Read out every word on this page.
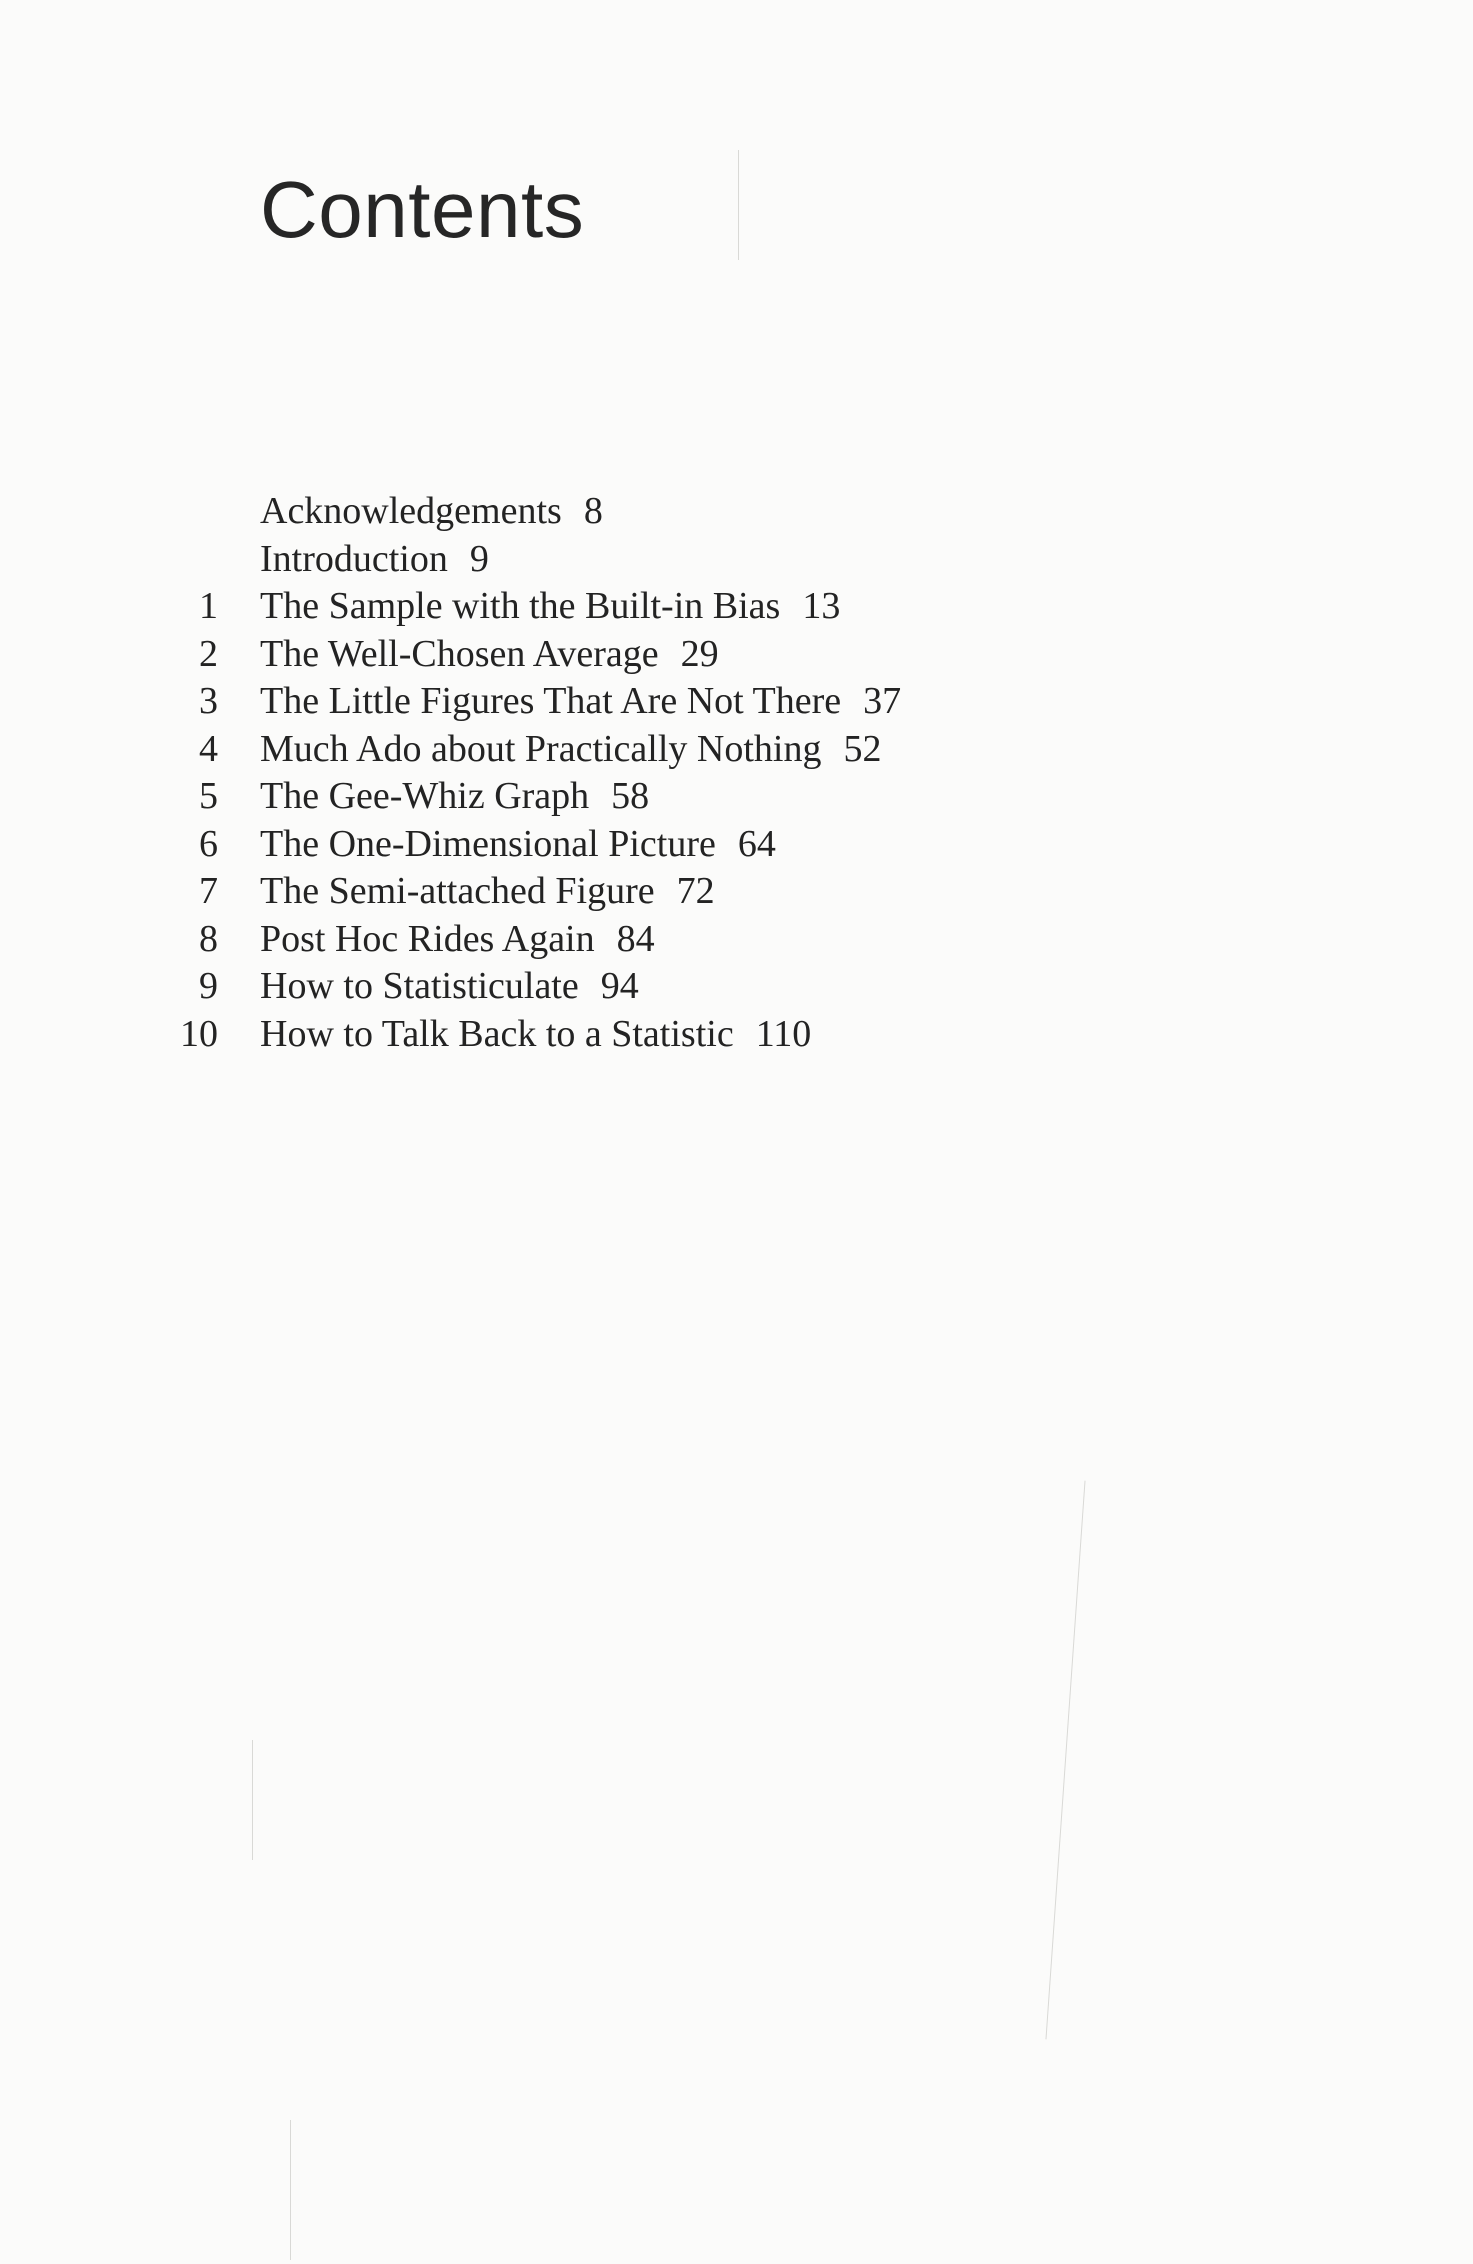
Contents
Acknowledgements 8
Introduction 9
1 The Sample with the Built-in Bias 13
2 The Well-Chosen Average 29
3 The Little Figures That Are Not There 37
4 Much Ado about Practically Nothing 52
5 The Gee-Whiz Graph 58
6 The One-Dimensional Picture 64
7 The Semi-attached Figure 72
8 Post Hoc Rides Again 84
9 How to Statisticulate 94
10 How to Talk Back to a Statistic 110
